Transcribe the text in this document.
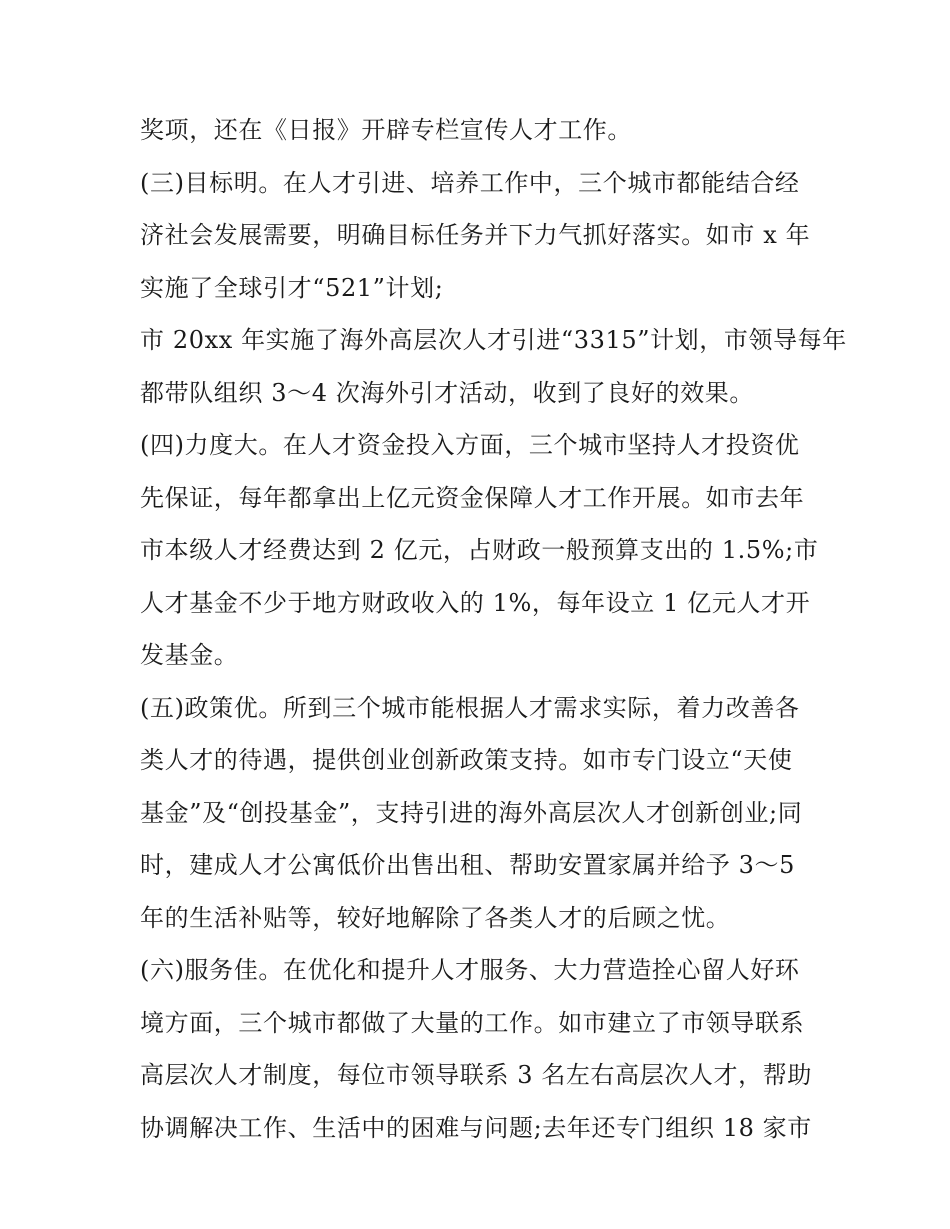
奖项，还在《日报》开辟专栏宣传人才工作。
(三)目标明。在人才引进、培养工作中，三个城市都能结合经
济社会发展需要，明确目标任务并下力气抓好落实。如市 x 年
实施了全球引才“521”计划;
市 20xx 年实施了海外高层次人才引进“3315”计划，市领导每年
都带队组织 3～4 次海外引才活动，收到了良好的效果。
(四)力度大。在人才资金投入方面，三个城市坚持人才投资优
先保证，每年都拿出上亿元资金保障人才工作开展。如市去年
市本级人才经费达到 2 亿元，占财政一般预算支出的 1.5%;市
人才基金不少于地方财政收入的 1%，每年设立 1 亿元人才开
发基金。
(五)政策优。所到三个城市能根据人才需求实际，着力改善各
类人才的待遇，提供创业创新政策支持。如市专门设立“天使
基金”及“创投基金”，支持引进的海外高层次人才创新创业;同
时，建成人才公寓低价出售出租、帮助安置家属并给予 3～5
年的生活补贴等，较好地解除了各类人才的后顾之忧。
(六)服务佳。在优化和提升人才服务、大力营造拴心留人好环
境方面，三个城市都做了大量的工作。如市建立了市领导联系
高层次人才制度，每位市领导联系 3 名左右高层次人才，帮助
协调解决工作、生活中的困难与问题;去年还专门组织 18 家市
